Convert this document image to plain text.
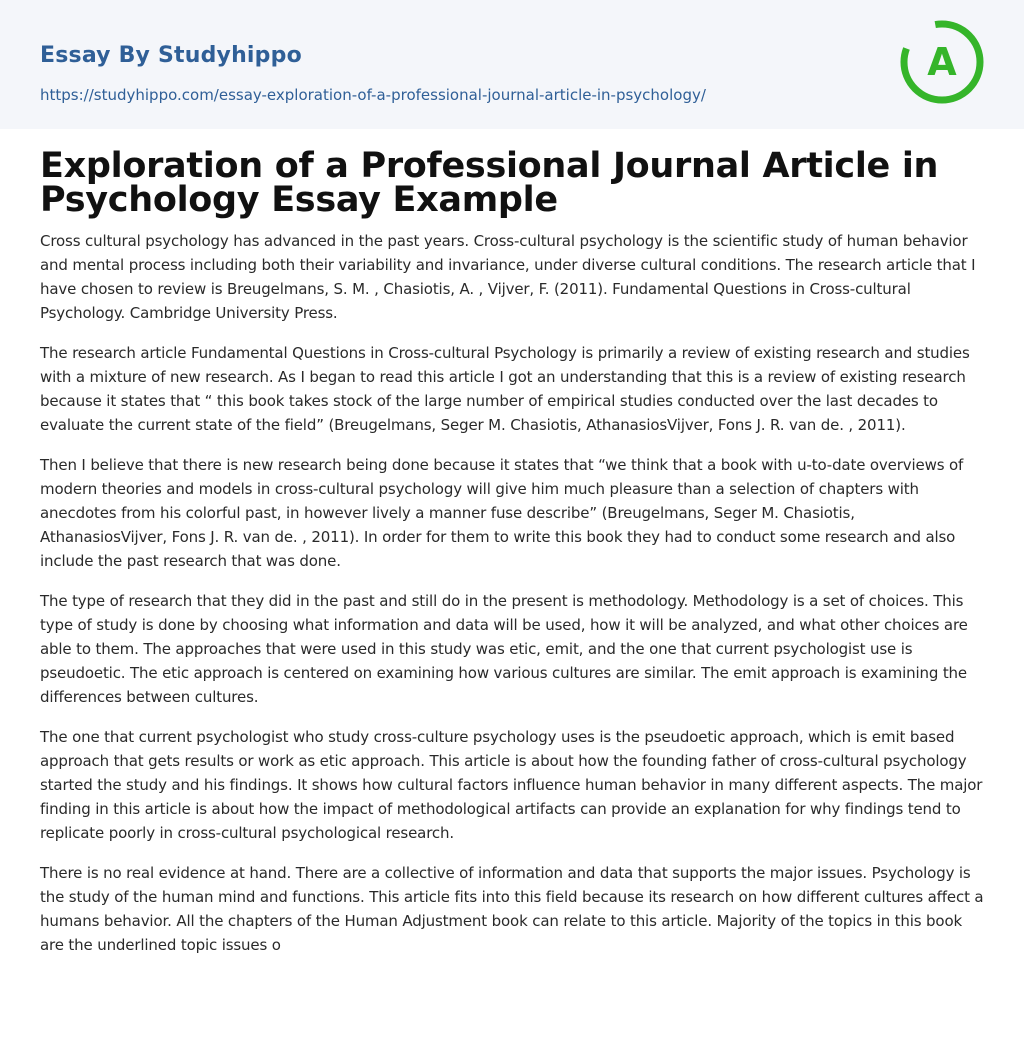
Essay By Studyhippo
https://studyhippo.com/essay-exploration-of-a-professional-journal-article-in-psychology/
A
Exploration of a Professional Journal Article in Psychology Essay Example

Cross cultural psychology has advanced in the past years. Cross-cultural psychology is the scientific study of human behavior and mental process including both their variability and invariance, under diverse cultural conditions. The research article that I have chosen to review is Breugelmans, S. M. , Chasiotis, A. , Vijver, F. (2011). Fundamental Questions in Cross-cultural Psychology. Cambridge University Press.

The research article Fundamental Questions in Cross-cultural Psychology is primarily a review of existing research and studies with a mixture of new research. As I began to read this article I got an understanding that this is a review of existing research because it states that “ this book takes stock of the large number of empirical studies conducted over the last decades to evaluate the current state of the field” (Breugelmans, Seger M. Chasiotis, AthanasiosVijver, Fons J. R. van de. , 2011).

Then I believe that there is new research being done because it states that “we think that a book with u-to-date overviews of modern theories and models in cross-cultural psychology will give him much pleasure than a selection of chapters with anecdotes from his colorful past, in however lively a manner fuse describe” (Breugelmans, Seger M. Chasiotis, AthanasiosVijver, Fons J. R. van de. , 2011). In order for them to write this book they had to conduct some research and also include the past research that was done.

The type of research that they did in the past and still do in the present is methodology. Methodology is a set of choices. This type of study is done by choosing what information and data will be used, how it will be analyzed, and what other choices are able to them. The approaches that were used in this study was etic, emit, and the one that current psychologist use is pseudoetic. The etic approach is centered on examining how various cultures are similar. The emit approach is examining the differences between cultures.

The one that current psychologist who study cross-culture psychology uses is the pseudoetic approach, which is emit based approach that gets results or work as etic approach. This article is about how the founding father of cross-cultural psychology started the study and his findings. It shows how cultural factors influence human behavior in many different aspects. The major finding in this article is about how the impact of methodological artifacts can provide an explanation for why findings tend to replicate poorly in cross-cultural psychological research.

There is no real evidence at hand. There are a collective of information and data that supports the major issues. Psychology is the study of the human mind and functions. This article fits into this field because its research on how different cultures affect a humans behavior. All the chapters of the Human Adjustment book can relate to this article. Majority of the topics in this book are the underlined topic issues o
